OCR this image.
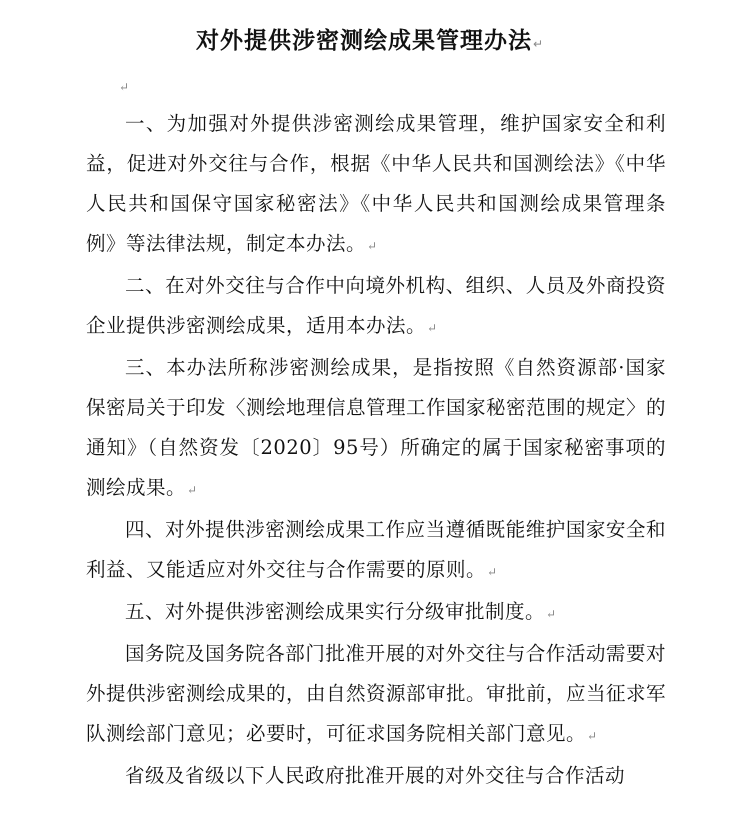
对外提供涉密测绘成果管理办法↵
↵

一、为加强对外提供涉密测绘成果管理，维护国家安全和利益，促进对外交往与合作，根据《中华人民共和国测绘法》《中华人民共和国保守国家秘密法》《中华人民共和国测绘成果管理条例》等法律法规，制定本办法。↵

二、在对外交往与合作中向境外机构、组织、人员及外商投资企业提供涉密测绘成果，适用本办法。↵

三、本办法所称涉密测绘成果，是指按照《自然资源部·国家保密局关于印发〈测绘地理信息管理工作国家秘密范围的规定〉的通知》（自然资发〔2020〕95号）所确定的属于国家秘密事项的测绘成果。↵

四、对外提供涉密测绘成果工作应当遵循既能维护国家安全和利益、又能适应对外交往与合作需要的原则。↵

五、对外提供涉密测绘成果实行分级审批制度。↵

国务院及国务院各部门批准开展的对外交往与合作活动需要对外提供涉密测绘成果的，由自然资源部审批。审批前，应当征求军队测绘部门意见；必要时，可征求国务院相关部门意见。↵

省级及省级以下人民政府批准开展的对外交往与合作活动
